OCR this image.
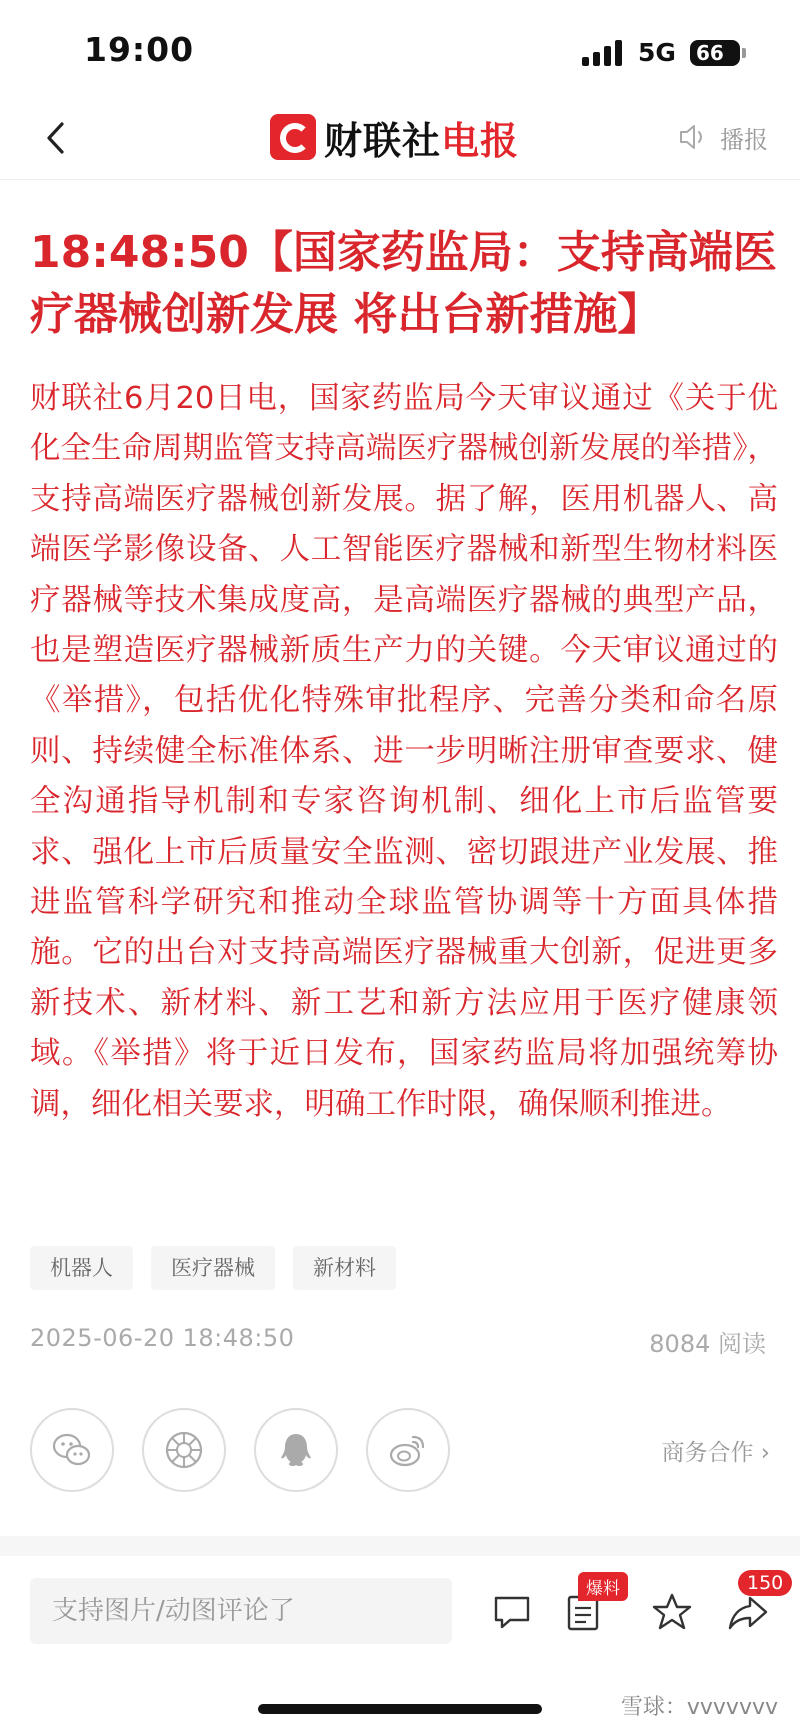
19:00	5G	66
财联社 电报	播报
18:48:50【国家药监局：支持高端医疗器械创新发展 将出台新措施】
财联社6月20日电，国家药监局今天审议通过《关于优化全生命周期监管支持高端医疗器械创新发展的举措》，支持高端医疗器械创新发展。据了解，医用机器人、高端医学影像设备、人工智能医疗器械和新型生物材料医疗器械等技术集成度高，是高端医疗器械的典型产品，也是塑造医疗器械新质生产力的关键。今天审议通过的《举措》，包括优化特殊审批程序、完善分类和命名原则、持续健全标准体系、进一步明晰注册审查要求、健全沟通指导机制和专家咨询机制、细化上市后监管要求、强化上市后质量安全监测、密切跟进产业发展、推进监管科学研究和推动全球监管协调等十方面具体措施。它的出台对支持高端医疗器械重大创新，促进更多新技术、新材料、新工艺和新方法应用于医疗健康领域。《举措》将于近日发布，国家药监局将加强统筹协调，细化相关要求，明确工作时限，确保顺利推进。
机器人	医疗器械	新材料
2025-06-20 18:48:50	8084 阅读
商务合作 ›
支持图片/动图评论了
爆料	150
雪球：vvvvvvv
